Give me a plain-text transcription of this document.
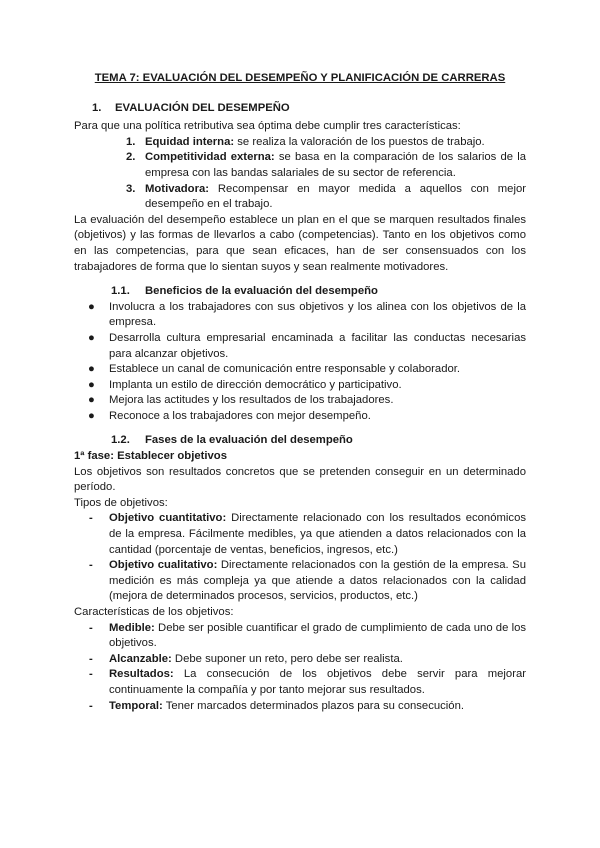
TEMA 7: EVALUACIÓN DEL DESEMPEÑO Y PLANIFICACIÓN DE CARRERAS

1.	EVALUACIÓN DEL DESEMPEÑO

Para que una política retributiva sea óptima debe cumplir tres características:

1. Equidad interna: se realiza la valoración de los puestos de trabajo.
2. Competitividad externa: se basa en la comparación de los salarios de la empresa con las bandas salariales de su sector de referencia.
3. Motivadora: Recompensar en mayor medida a aquellos con mejor desempeño en el trabajo.

La evaluación del desempeño establece un plan en el que se marquen resultados finales (objetivos) y las formas de llevarlos a cabo (competencias). Tanto en los objetivos como en las competencias, para que sean eficaces, han de ser consensuados con los trabajadores de forma que lo sientan suyos y sean realmente motivadores.

1.1.	Beneficios de la evaluación del desempeño
●	Involucra a los trabajadores con sus objetivos y los alinea con los objetivos de la empresa.
●	Desarrolla cultura empresarial encaminada a facilitar las conductas necesarias para alcanzar objetivos.
●	Establece un canal de comunicación entre responsable y colaborador.
●	Implanta un estilo de dirección democrático y participativo.
●	Mejora las actitudes y los resultados de los trabajadores.
●	Reconoce a los trabajadores con mejor desempeño.
1.2.	Fases de la evaluación del desempeño

1ª fase: Establecer objetivos

Los objetivos son resultados concretos que se pretenden conseguir en un determinado período.

Tipos de objetivos:

-	Objetivo cuantitativo: Directamente relacionado con los resultados económicos de la empresa. Fácilmente medibles, ya que atienden a datos relacionados con la cantidad (porcentaje de ventas, beneficios, ingresos, etc.)
-	Objetivo cualitativo: Directamente relacionados con la gestión de la empresa. Su medición es más compleja ya que atiende a datos relacionados con la calidad (mejora de determinados procesos, servicios, productos, etc.)

Características de los objetivos:

-	Medible: Debe ser posible cuantificar el grado de cumplimiento de cada uno de los objetivos.
-	Alcanzable: Debe suponer un reto, pero debe ser realista.
-	Resultados: La consecución de los objetivos debe servir para mejorar continuamente la compañía y por tanto mejorar sus resultados.
-	Temporal: Tener marcados determinados plazos para su consecución.
